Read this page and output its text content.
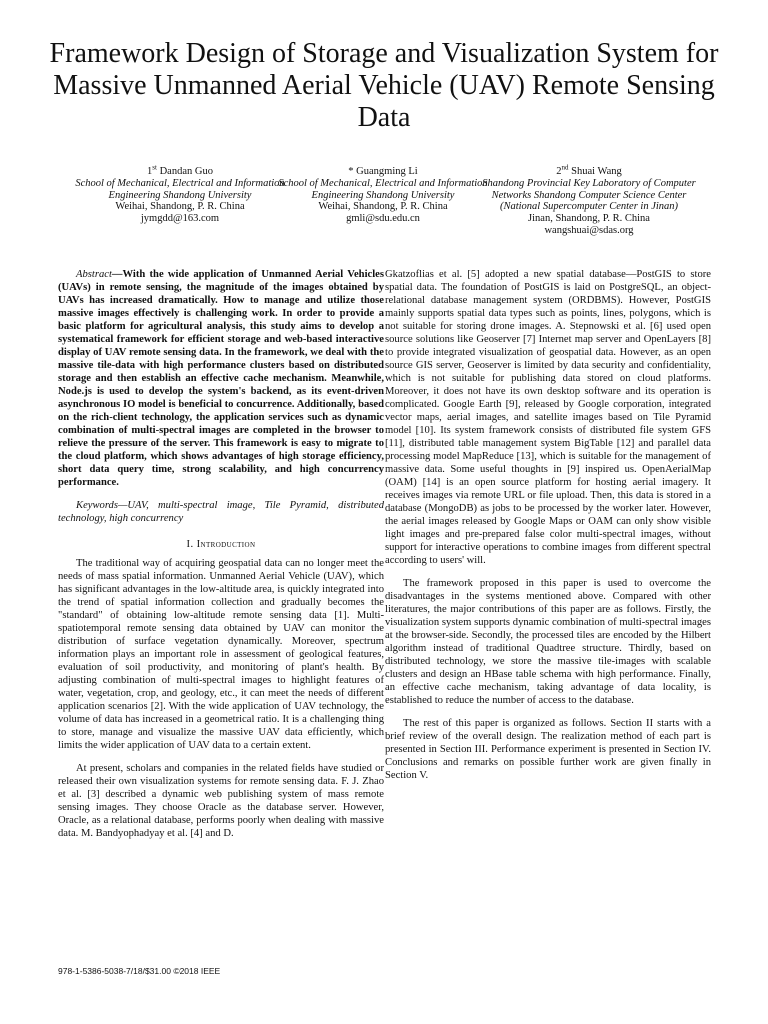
Framework Design of Storage and Visualization System for Massive Unmanned Aerial Vehicle (UAV) Remote Sensing Data
1st Dandan Guo
School of Mechanical, Electrical and Information Engineering Shandong University
Weihai, Shandong, P. R. China
jymgdd@163.com
* Guangming Li
School of Mechanical, Electrical and Information Engineering Shandong University
Weihai, Shandong, P. R. China
gmli@sdu.edu.cn
2nd Shuai Wang
Shandong Provincial Key Laboratory of Computer Networks Shandong Computer Science Center (National Supercomputer Center in Jinan)
Jinan, Shandong, P. R. China
wangshuai@sdas.org

Abstract—With the wide application of Unmanned Aerial Vehicles (UAVs) in remote sensing, the magnitude of the images obtained by UAVs has increased dramatically. How to manage and utilize those massive images effectively is challenging work. In order to provide a basic platform for agricultural analysis, this study aims to develop a systematical framework for efficient storage and web-based interactive display of UAV remote sensing data. In the framework, we deal with the massive tile-data with high performance clusters based on distributed storage and then establish an effective cache mechanism. Meanwhile, Node.js is used to develop the system's backend, as its event-driven asynchronous IO model is beneficial to concurrence. Additionally, based on the rich-client technology, the application services such as dynamic combination of multi-spectral images are completed in the browser to relieve the pressure of the server. This framework is easy to migrate to the cloud platform, which shows advantages of high storage efficiency, short data query time, strong scalability, and high concurrency performance.

Keywords—UAV, multi-spectral image, Tile Pyramid, distributed technology, high concurrency

I. Introduction

The traditional way of acquiring geospatial data can no longer meet the needs of mass spatial information. Unmanned Aerial Vehicle (UAV), which has significant advantages in the low-altitude area, is quickly integrated into the trend of spatial information collection and gradually becomes the "standard" of obtaining low-altitude remote sensing data [1]. Multi-spatiotemporal remote sensing data obtained by UAV can monitor the distribution of surface vegetation dynamically. Moreover, spectrum information plays an important role in assessment of geological features, evaluation of soil productivity, and monitoring of plant's health. By adjusting combination of multi-spectral images to highlight features of water, vegetation, crop, and geology, etc., it can meet the needs of different application scenarios [2]. With the wide application of UAV technology, the volume of data has increased in a geometrical ratio. It is a challenging thing to store, manage and visualize the massive UAV data efficiently, which limits the wider application of UAV data to a certain extent.

At present, scholars and companies in the related fields have studied or released their own visualization systems for remote sensing data. F. J. Zhao et al. [3] described a dynamic web publishing system of mass remote sensing images. They choose Oracle as the database server. However, Oracle, as a relational database, performs poorly when dealing with massive data. M. Bandyophadyay et al. [4] and D.

Gkatzoflias et al. [5] adopted a new spatial database—PostGIS to store spatial data. The foundation of PostGIS is laid on PostgreSQL, an object-relational database management system (ORDBMS). However, PostGIS mainly supports spatial data types such as points, lines, polygons, which is not suitable for storing drone images. A. Stepnowski et al. [6] used open source solutions like Geoserver [7] Internet map server and OpenLayers [8] to provide integrated visualization of geospatial data. However, as an open source GIS server, Geoserver is limited by data security and confidentiality, which is not suitable for publishing data stored on cloud platforms. Moreover, it does not have its own desktop software and its operation is complicated. Google Earth [9], released by Google corporation, integrated vector maps, aerial images, and satellite images based on Tile Pyramid model [10]. Its system framework consists of distributed file system GFS [11], distributed table management system BigTable [12] and parallel data processing model MapReduce [13], which is suitable for the management of massive data. Some useful thoughts in [9] inspired us. OpenAerialMap (OAM) [14] is an open source platform for hosting aerial imagery. It receives images via remote URL or file upload. Then, this data is stored in a database (MongoDB) as jobs to be processed by the worker later. However, the aerial images released by Google Maps or OAM can only show visible light images and pre-prepared false color multi-spectral images, without support for interactive operations to combine images from different spectral according to users' will.

The framework proposed in this paper is used to overcome the disadvantages in the systems mentioned above. Compared with other literatures, the major contributions of this paper are as follows. Firstly, the visualization system supports dynamic combination of multi-spectral images at the browser-side. Secondly, the processed tiles are encoded by the Hilbert algorithm instead of traditional Quadtree structure. Thirdly, based on distributed technology, we store the massive tile-images with scalable clusters and design an HBase table schema with high performance. Finally, an effective cache mechanism, taking advantage of data locality, is established to reduce the number of access to the database.

The rest of this paper is organized as follows. Section II starts with a brief review of the overall design. The realization method of each part is presented in Section III. Performance experiment is presented in Section IV. Conclusions and remarks on possible further work are given finally in Section V.

978-1-5386-5038-7/18/$31.00 ©2018 IEEE
